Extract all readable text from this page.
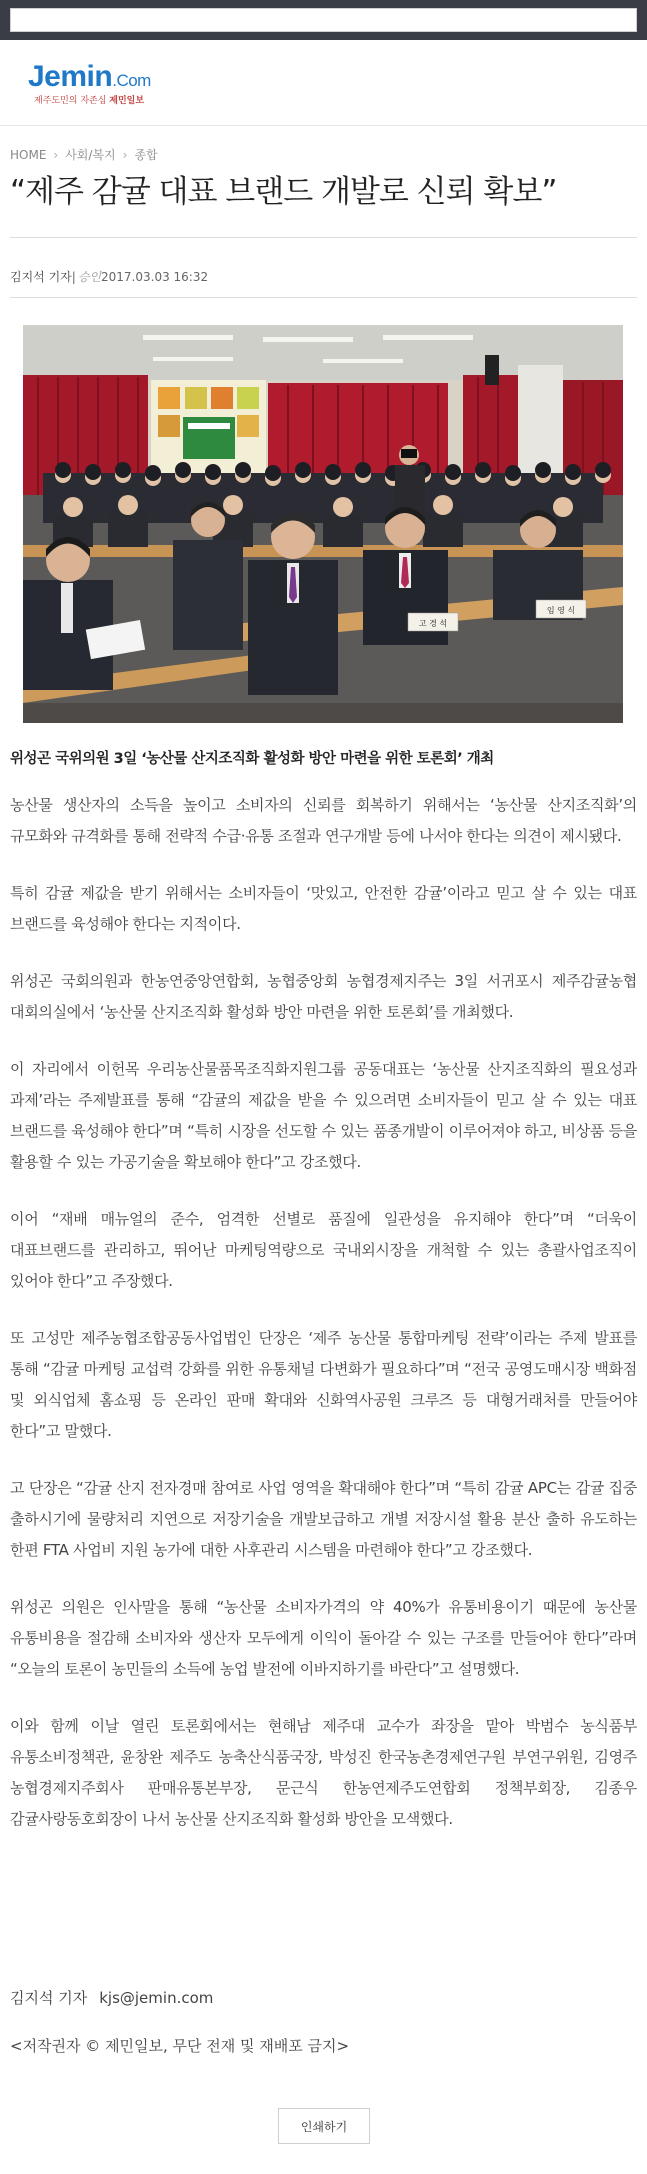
Jemin.Com
제주도민의 자존심 제민일보
HOME › 사회/복지 › 종합
“제주 감귤 대표 브랜드 개발로 신뢰 확보”
김지석 기자| 승인2017.03.03 16:32
고 경 석
임 영 식
위성곤 국위의원 3일 ‘농산물 산지조직화 활성화 방안 마련을 위한 토론회’ 개최

농산물 생산자의 소득을 높이고 소비자의 신뢰를 회복하기 위해서는 ‘농산물 산지조직화’의 규모화와 규격화를 통해 전략적 수급·유통 조절과 연구개발 등에 나서야 한다는 의견이 제시됐다.

특히 감귤 제값을 받기 위해서는 소비자들이 ‘맛있고, 안전한 감귤’이라고 믿고 살 수 있는 대표 브랜드를 육성해야 한다는 지적이다.

위성곤 국회의원과 한농연중앙연합회, 농협중앙회 농협경제지주는 3일 서귀포시 제주감귤농협 대회의실에서 ‘농산물 산지조직화 활성화 방안 마련을 위한 토론회’를 개최했다.

이 자리에서 이헌목 우리농산물품목조직화지원그룹 공동대표는 ‘농산물 산지조직화의 필요성과 과제’라는 주제발표를 통해 “감귤의 제값을 받을 수 있으려면 소비자들이 믿고 살 수 있는 대표 브랜드를 육성해야 한다”며 “특히 시장을 선도할 수 있는 품종개발이 이루어져야 하고, 비상품 등을 활용할 수 있는 가공기술을 확보해야 한다”고 강조했다.

이어 “재배 매뉴얼의 준수, 엄격한 선별로 품질에 일관성을 유지해야 한다”며 “더욱이 대표브랜드를 관리하고, 뛰어난 마케팅역량으로 국내외시장을 개척할 수 있는 총괄사업조직이 있어야 한다”고 주장했다.

또 고성만 제주농협조합공동사업법인 단장은 ‘제주 농산물 통합마케팅 전략’이라는 주제 발표를 통해 “감귤 마케팅 교섭력 강화를 위한 유통채널 다변화가 필요하다”며 “전국 공영도매시장 백화점 및 외식업체 홈쇼핑 등 온라인 판매 확대와 신화역사공원 크루즈 등 대형거래처를 만들어야 한다”고 말했다.

고 단장은 “감귤 산지 전자경매 참여로 사업 영역을 확대해야 한다”며 “특히 감귤 APC는 감귤 집중 출하시기에 물량처리 지연으로 저장기술을 개발보급하고 개별 저장시설 활용 분산 출하 유도하는 한편 FTA 사업비 지원 농가에 대한 사후관리 시스템을 마련해야 한다”고 강조했다.

위성곤 의원은 인사말을 통해 “농산물 소비자가격의 약 40%가 유통비용이기 때문에 농산물 유통비용을 절감해 소비자와 생산자 모두에게 이익이 돌아갈 수 있는 구조를 만들어야 한다”라며 “오늘의 토론이 농민들의 소득에 농업 발전에 이바지하기를 바란다”고 설명했다.

이와 함께 이날 열린 토론회에서는 현해남 제주대 교수가 좌장을 맡아 박범수 농식품부 유통소비정책관, 윤창완 제주도 농축산식품국장, 박성진 한국농촌경제연구원 부연구위원, 김영주 농협경제지주회사 판매유통본부장, 문근식 한농연제주도연합회 정책부회장, 김종우 감귤사랑동호회장이 나서 농산물 산지조직화 활성화 방안을 모색했다.

김지석 기자 kjs@jemin.com
<저작권자 © 제민일보, 무단 전재 및 재배포 금지>
인쇄하기
